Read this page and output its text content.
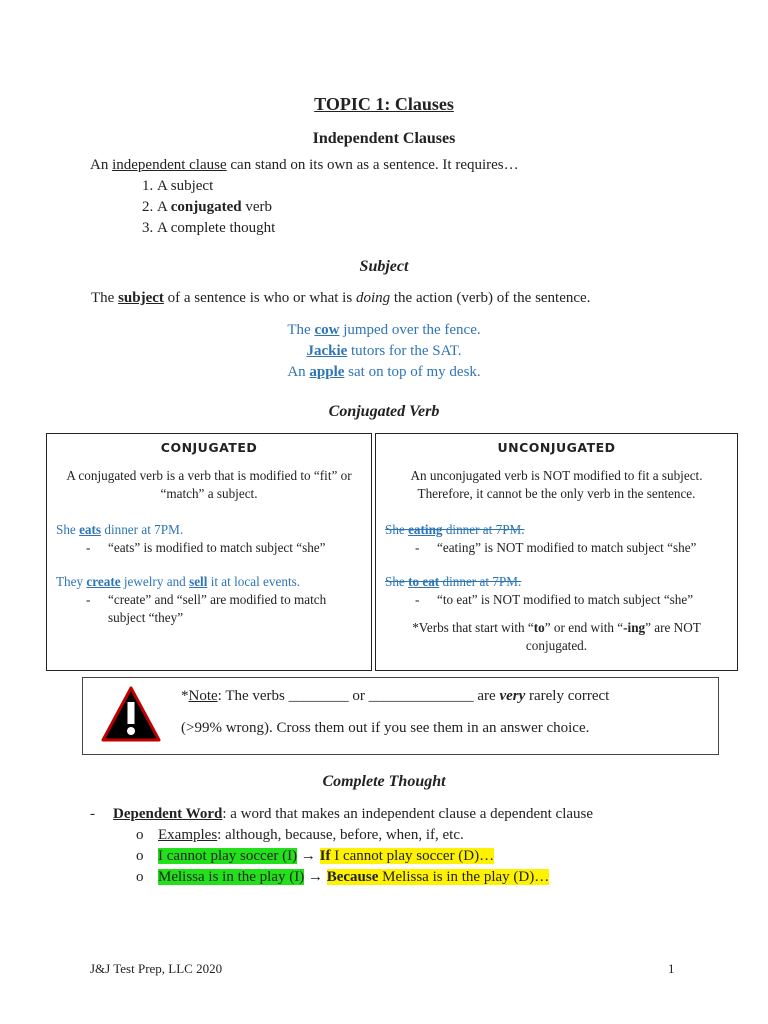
TOPIC 1: Clauses
Independent Clauses
An independent clause can stand on its own as a sentence. It requires…
1. A subject
2. A conjugated verb
3. A complete thought
Subject
The subject of a sentence is who or what is doing the action (verb) of the sentence.
The cow jumped over the fence.
Jackie tutors for the SAT.
An apple sat on top of my desk.
Conjugated Verb
CONJUGATED
A conjugated verb is a verb that is modified to “fit” or “match” a subject.
She eats dinner at 7PM.
- “eats” is modified to match subject “she”
They create jewelry and sell it at local events.
- “create” and “sell” are modified to match subject “they”
UNCONJUGATED
An unconjugated verb is NOT modified to fit a subject. Therefore, it cannot be the only verb in the sentence.
She eating dinner at 7PM.
- “eating” is NOT modified to match subject “she”
She to eat dinner at 7PM.
- “to eat” is NOT modified to match subject “she”
*Verbs that start with “to” or end with “-ing” are NOT conjugated.
*Note: The verbs ________ or ______________ are very rarely correct
(>99% wrong). Cross them out if you see them in an answer choice.
Complete Thought
- Dependent Word: a word that makes an independent clause a dependent clause
o Examples: although, because, before, when, if, etc.
o I cannot play soccer (I) → If I cannot play soccer (D)…
o Melissa is in the play (I) → Because Melissa is in the play (D)…
J&J Test Prep, LLC 2020	1
